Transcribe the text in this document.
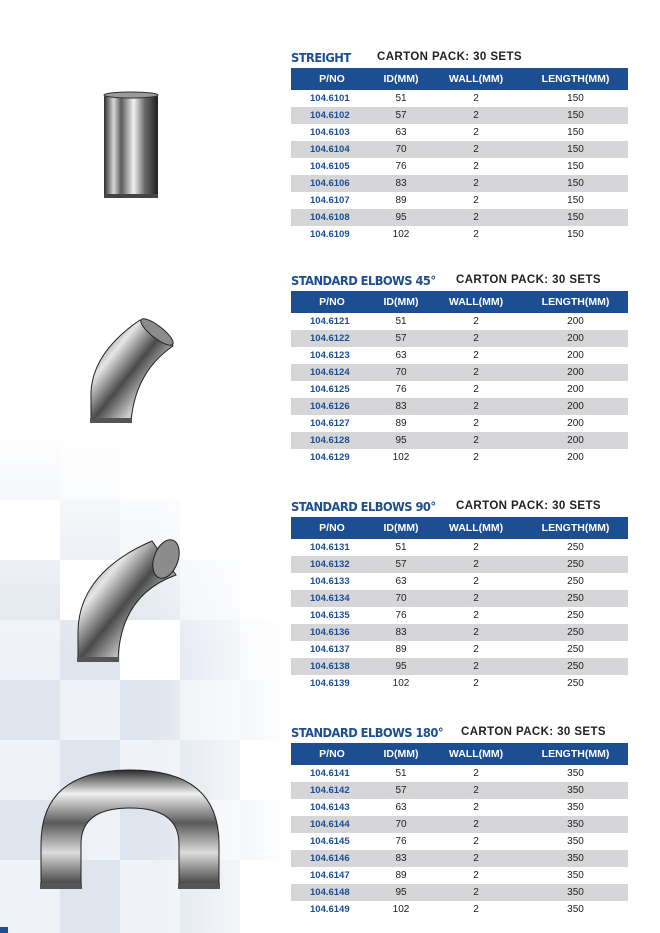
STREIGHT CARTON PACK: 30 SETS
P/NO	ID(MM)	WALL(MM)	LENGTH(MM)
104.6101	51	2	150
104.6102	57	2	150
104.6103	63	2	150
104.6104	70	2	150
104.6105	76	2	150
104.6106	83	2	150
104.6107	89	2	150
104.6108	95	2	150
104.6109	102	2	150
STANDARD ELBOWS 45° CARTON PACK: 30 SETS
P/NO	ID(MM)	WALL(MM)	LENGTH(MM)
104.6121	51	2	200
104.6122	57	2	200
104.6123	63	2	200
104.6124	70	2	200
104.6125	76	2	200
104.6126	83	2	200
104.6127	89	2	200
104.6128	95	2	200
104.6129	102	2	200
STANDARD ELBOWS 90° CARTON PACK: 30 SETS
P/NO	ID(MM)	WALL(MM)	LENGTH(MM)
104.6131	51	2	250
104.6132	57	2	250
104.6133	63	2	250
104.6134	70	2	250
104.6135	76	2	250
104.6136	83	2	250
104.6137	89	2	250
104.6138	95	2	250
104.6139	102	2	250
STANDARD ELBOWS 180° CARTON PACK: 30 SETS
P/NO	ID(MM)	WALL(MM)	LENGTH(MM)
104.6141	51	2	350
104.6142	57	2	350
104.6143	63	2	350
104.6144	70	2	350
104.6145	76	2	350
104.6146	83	2	350
104.6147	89	2	350
104.6148	95	2	350
104.6149	102	2	350
